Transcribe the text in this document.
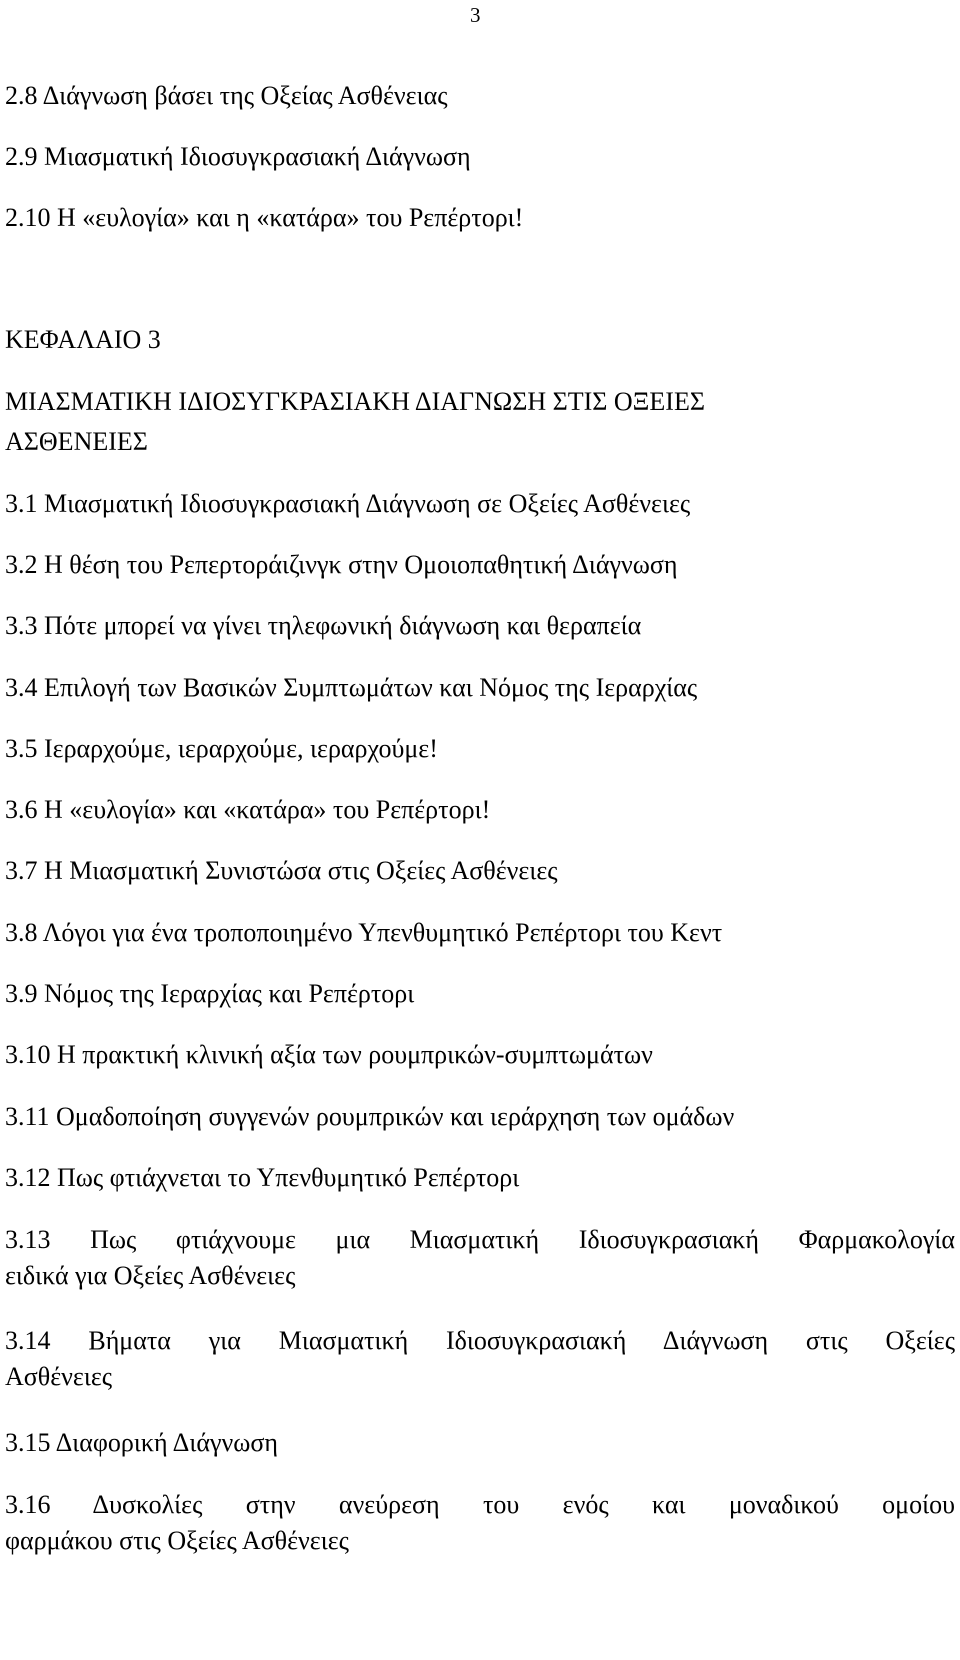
3
2.8 Διάγνωση βάσει της Οξείας Ασθένειας
2.9 Μιασματική Ιδιοσυγκρασιακή Διάγνωση
2.10 Η «ευλογία» και η «κατάρα» του Ρεπέρτορι!
ΚΕΦΑΛΑΙΟ 3
ΜΙΑΣΜΑΤΙΚΗ ΙΔΙΟΣΥΓΚΡΑΣΙΑΚΗ ΔΙΑΓΝΩΣΗ ΣΤΙΣ ΟΞΕΙΕΣ
ΑΣΘΕΝΕΙΕΣ
3.1 Μιασματική Ιδιοσυγκρασιακή Διάγνωση σε Οξείες Ασθένειες
3.2 Η θέση του Ρεπερτοράιζινγκ στην Ομοιοπαθητική Διάγνωση
3.3 Πότε μπορεί να γίνει τηλεφωνική διάγνωση και θεραπεία
3.4 Επιλογή των Βασικών Συμπτωμάτων και Νόμος της Ιεραρχίας
3.5 Ιεραρχούμε, ιεραρχούμε, ιεραρχούμε!
3.6 Η «ευλογία» και «κατάρα» του Ρεπέρτορι!
3.7 Η Μιασματική Συνιστώσα στις Οξείες Ασθένειες
3.8 Λόγοι για ένα τροποποιημένο Υπενθυμητικό Ρεπέρτορι του Κεντ
3.9 Νόμος της Ιεραρχίας και Ρεπέρτορι
3.10 Η πρακτική κλινική αξία των ρουμπρικών-συμπτωμάτων
3.11 Ομαδοποίηση συγγενών ρουμπρικών και ιεράρχηση των ομάδων
3.12 Πως φτιάχνεται το Υπενθυμητικό Ρεπέρτορι
3.13 Πως φτιάχνουμε μια Μιασματική Ιδιοσυγκρασιακή Φαρμακολογία
ειδικά για Οξείες Ασθένειες
3.14 Βήματα για Μιασματική Ιδιοσυγκρασιακή Διάγνωση στις Οξείες
Ασθένειες
3.15 Διαφορική Διάγνωση
3.16 Δυσκολίες στην ανεύρεση του ενός και μοναδικού ομοίου
φαρμάκου στις Οξείες Ασθένειες
